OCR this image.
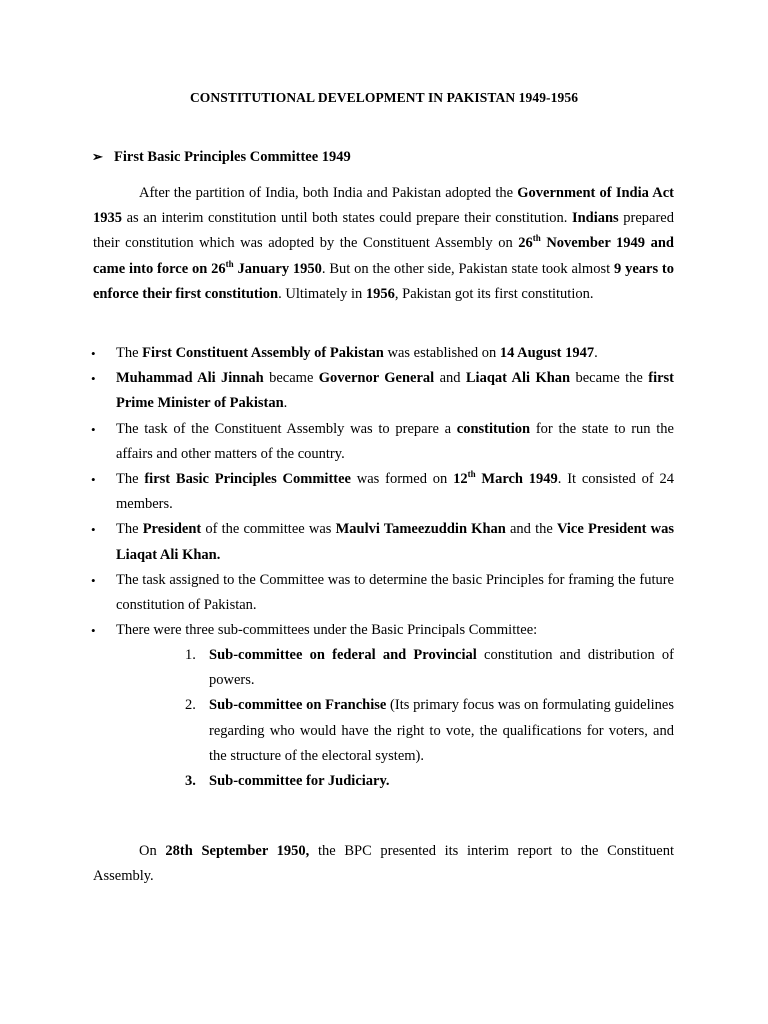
CONSTITUTIONAL DEVELOPMENT IN PAKISTAN 1949-1956
➢ First Basic Principles Committee 1949
After the partition of India, both India and Pakistan adopted the Government of India Act 1935 as an interim constitution until both states could prepare their constitution. Indians prepared their constitution which was adopted by the Constituent Assembly on 26th November 1949 and came into force on 26th January 1950. But on the other side, Pakistan state took almost 9 years to enforce their first constitution. Ultimately in 1956, Pakistan got its first constitution.
• The First Constituent Assembly of Pakistan was established on 14 August 1947.
• Muhammad Ali Jinnah became Governor General and Liaqat Ali Khan became the first Prime Minister of Pakistan.
• The task of the Constituent Assembly was to prepare a constitution for the state to run the affairs and other matters of the country.
• The first Basic Principles Committee was formed on 12th March 1949. It consisted of 24 members.
• The President of the committee was Maulvi Tameezuddin Khan and the Vice President was Liaqat Ali Khan.
• The task assigned to the Committee was to determine the basic Principles for framing the future constitution of Pakistan.
• There were three sub-committees under the Basic Principals Committee:
1. Sub-committee on federal and Provincial constitution and distribution of powers.
2. Sub-committee on Franchise (Its primary focus was on formulating guidelines regarding who would have the right to vote, the qualifications for voters, and the structure of the electoral system).
3. Sub-committee for Judiciary.
On 28th September 1950, the BPC presented its interim report to the Constituent Assembly.
